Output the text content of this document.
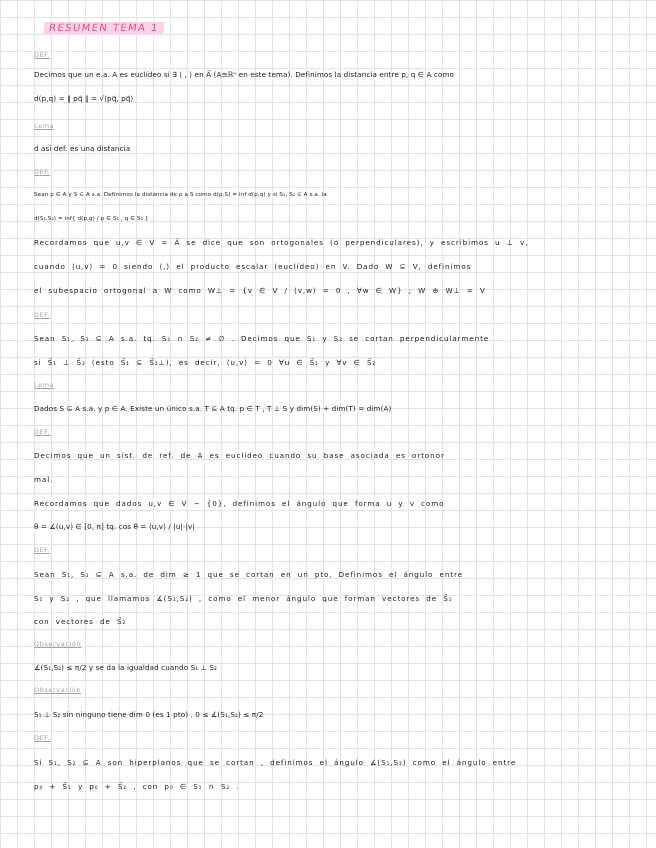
RESUMEN TEMA 1
DEF.
Decimos que un e.a. A es euclídeo si ∃ ⟨ , ⟩ en A⃗ (A≅ℝⁿ en este tema). Definimos la distancia entre p, q ∈ A como
d(p,q) = ‖ pq⃗ ‖ = √⟨pq⃗, pq⃗⟩
Lema
d así def. es una distancia
DEF.
Sean p ∈ A y S ⊆ A s.a. Definimos la distancia de p a S como d(p,S) = inf d(p,q) y si S₁, S₂ ⊆ A s.a. la
d(S₁,S₂) = inf{ d(p,q) / p ∈ S₁ , q ∈ S₂ }
Recordamos que u,v ∈ V = A⃗ se dice que son ortogonales (o perpendiculares), y escribimos u ⊥ v,
cuando ⟨u,v⟩ = 0 siendo ⟨,⟩ el producto escalar (euclídeo) en V. Dado W ⊆ V, definimos
el subespacio ortogonal a W como W⊥ = {v ∈ V / ⟨v,w⟩ = 0 , ∀w ∈ W} ; W ⊕ W⊥ = V
DEF.
Sean S₁, S₂ ⊆ A s.a. tq. S₁ ∩ S₂ ≠ ∅ . Decimos que S₁ y S₂ se cortan perpendicularmente
si S⃗₁ ⊥ S⃗₂ (esto S⃗₁ ⊆ S⃗₂⊥), es decir, ⟨u,v⟩ = 0 ∀u ∈ S⃗₁ y ∀v ∈ S⃗₂
Lema
Dados S ⊆ A s.a. y p ∈ A. Existe un único s.a. T ⊆ A tq. p ∈ T , T ⊥ S y dim(S) + dim(T) = dim(A)
DEF.
Decimos que un sist. de ref. de A es euclídeo cuando su base asociada es ortonor
mal.
Recordamos que dados u,v ∈ V − {0}, definimos el ángulo que forma u y v como
θ = ∡(u,v) ∈ [0, π] tq. cos θ = ⟨u,v⟩ / |u|·|v|
DEF.
Sean S₁, S₂ ⊆ A s.a. de dim ≥ 1 que se cortan en un pto. Definimos el ángulo entre
S₁ y S₂ , que llamamos ∡(S₁,S₂) , como el menor ángulo que forman vectores de S⃗₁
con vectores de S⃗₂
Observación
∡(S₁,S₂) ≤ π/2 y se da la igualdad cuando S₁ ⊥ S₂
Observación
S₁ ⊥ S₂ sin ninguno tiene dim 0 (es 1 pto) . 0 ≤ ∡(S₁,S₂) ≤ π/2
DEF.
Si S₁, S₂ ⊆ A son hiperplanos que se cortan , definimos el ángulo ∡(S₁,S₂) como el ángulo entre
p₀ + S⃗₁ y p₀ + S⃗₂ , con p₀ ∈ S₁ ∩ S₂ .
